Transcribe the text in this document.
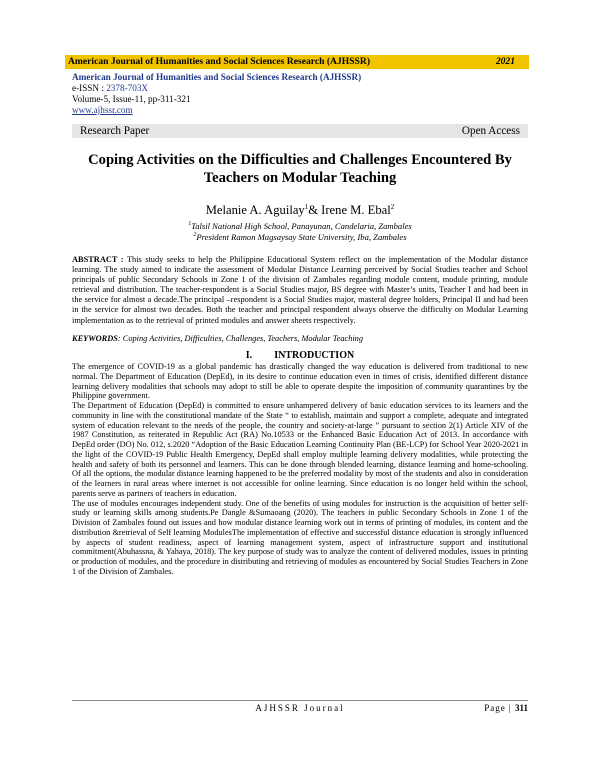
American Journal of Humanities and Social Sciences Research (AJHSSR)	2021
American Journal of Humanities and Social Sciences Research (AJHSSR)
e-ISSN : 2378-703X
Volume-5, Issue-11, pp-311-321
www.ajhssr.com
Research Paper	Open Access
Coping Activities on the Difficulties and Challenges Encountered By
Teachers on Modular Teaching
Melanie A. Aguilay$^1$& Irene M. Ebal$^2$
$^1$Talsil National High School, Panayunan, Candelaria, Zambales
$^2$President Ramon Magsaysay State University, Iba, Zambales
ABSTRACT : This study seeks to help the Philippine Educational System reflect on the implementation of the Modular distance learning. The study aimed to indicate the assessment of Modular Distance Learning perceived by Social Studies teacher and School principals of public Secondary Schools in Zone 1 of the division of Zambales regarding module content, module printing, module retrieval and distribution. The teacher-respondent is a Social Studies major, BS degree with Master’s units, Teacher I and had been in the service for almost a decade.The principal –respondent is a Social Studies major, masteral degree holders, Principal II and had been in the service for almost two decades. Both the teacher and principal respondent always observe the difficulty on Modular Learning implementation as to the retrieval of printed modules and answer sheets respectively.
KEYWORDS: Coping Activities, Difficulties, Challenges, Teachers, Modular Teaching
I. INTRODUCTION

The emergence of COVID-19 as a global pandemic has drastically changed the way education is delivered from traditional to new normal. The Department of Education (DepEd), in its desire to continue education even in times of crisis, identified different distance learning delivery modalities that schools may adopt to still be able to operate despite the imposition of community quarantines by the Philippine government.

The Department of Education (DepEd) is committed to ensure unhampered delivery of basic education services to its learners and the community in line with the constitutional mandate of the State “ to establish, maintain and support a complete, adequate and integrated system of education relevant to the needs of the people, the country and society-at-large ” pursuant to section 2(1) Article XIV of the 1987 Constitution, as reiterated in Republic Act (RA) No.10533 or the Enhanced Basic Education Act of 2013. In accordance with DepEd order (DO) No. 012, s.2020 “Adoption of the Basic Education Learning Continuity Plan (BE-LCP) for School Year 2020-2021 in the light of the COVID-19 Public Health Emergency, DepEd shall employ multiple learning delivery modalities, while protecting the health and safety of both its personnel and learners. This can be done through blended learning, distance learning and home-schooling. Of all the options, the modular distance learning happened to be the preferred modality by most of the students and also in consideration of the learners in rural areas where internet is not accessible for online learning. Since education is no longer held within the school, parents serve as partners of teachers in education.

The use of modules encourages independent study. One of the benefits of using modules for instruction is the acquisition of better self-study or learning skills among students.Pe Dangle &Sumaoang (2020). The teachers in public Secondary Schools in Zone 1 of the Division of Zambales found out issues and how modular distance learning work out in terms of printing of modules, its content and the distribution &retrieval of Self learning ModulesThe implementation of effective and successful distance education is strongly influenced by aspects of student readiness, aspect of learning management system, aspect of infrastructure support and institutional commitment(Abuhassna, & Yahaya, 2018). The key purpose of study was to analyze the content of delivered modules, issues in printing or production of modules, and the procedure in distributing and retrieving of modules as encountered by Social Studies Teachers in Zone 1 of the Division of Zambales.

AJHSSR Journal	Page | 311
